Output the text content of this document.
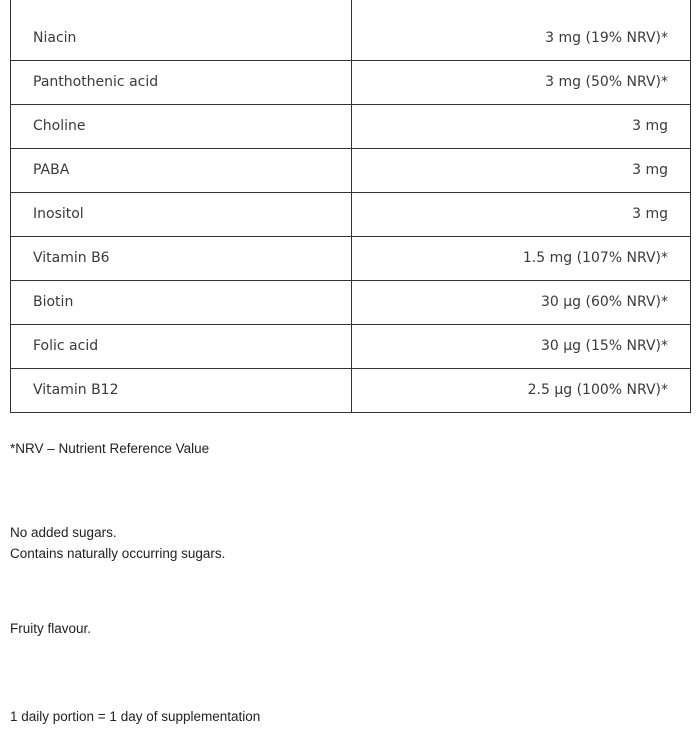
Niacin	3 mg (19% NRV)*
Panthothenic acid	3 mg (50% NRV)*
Choline	3 mg
PABA	3 mg
Inositol	3 mg
Vitamin B6	1.5 mg (107% NRV)*
Biotin	30 µg (60% NRV)*
Folic acid	30 µg (15% NRV)*
Vitamin B12	2.5 µg (100% NRV)*

*NRV – Nutrient Reference Value

No added sugars.

Contains naturally occurring sugars.

Fruity flavour.

1 daily portion = 1 day of supplementation
